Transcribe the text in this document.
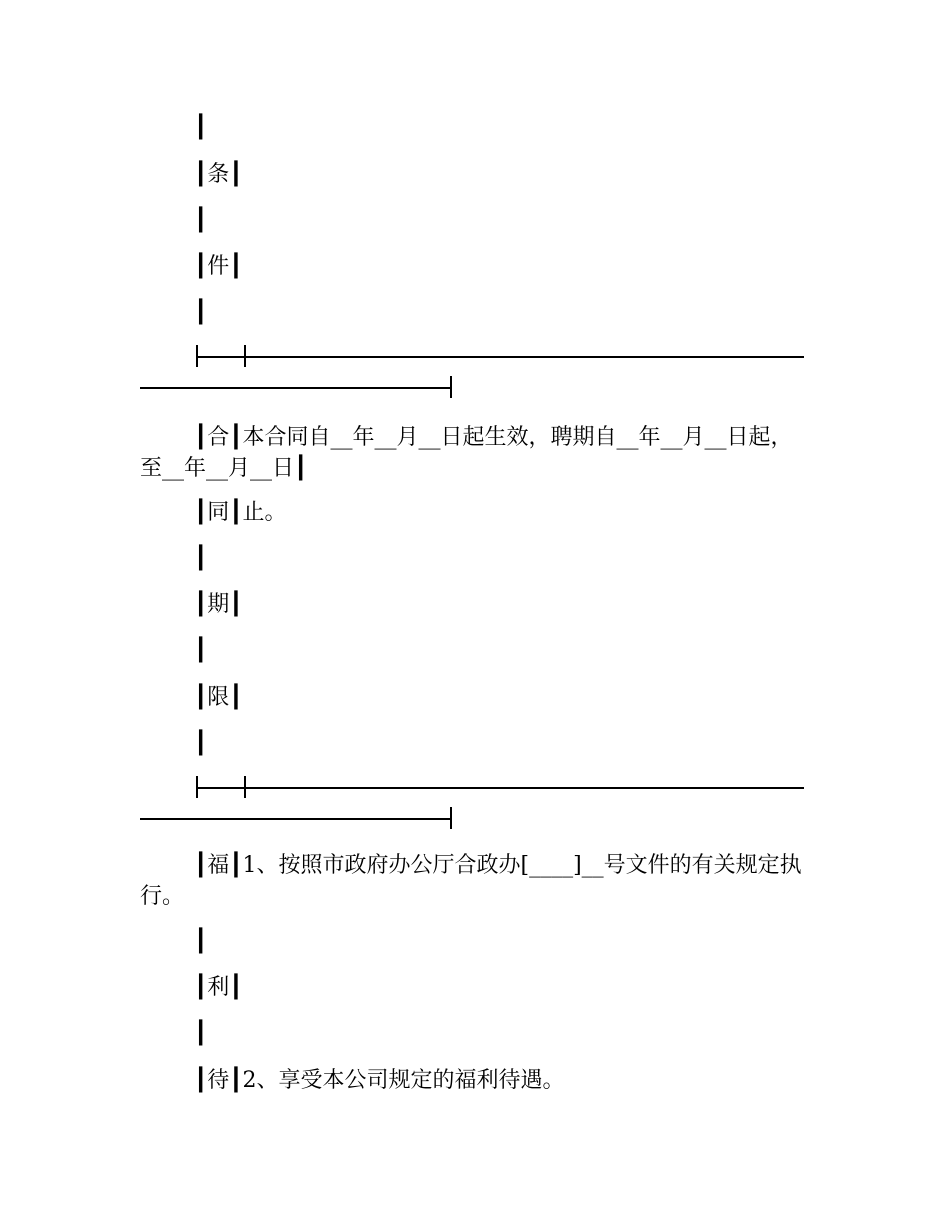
┃
┃条┃
┃
┃件┃
┃
┃合┃本合同自__年__月__日起生效，聘期自__年__月__日起，至__年__月__日┃
┃同┃止。
┃
┃期┃
┃
┃限┃
┃
┃福┃1、按照市政府办公厅合政办[____]__号文件的有关规定执行。
┃
┃利┃
┃
┃待┃2、享受本公司规定的福利待遇。
